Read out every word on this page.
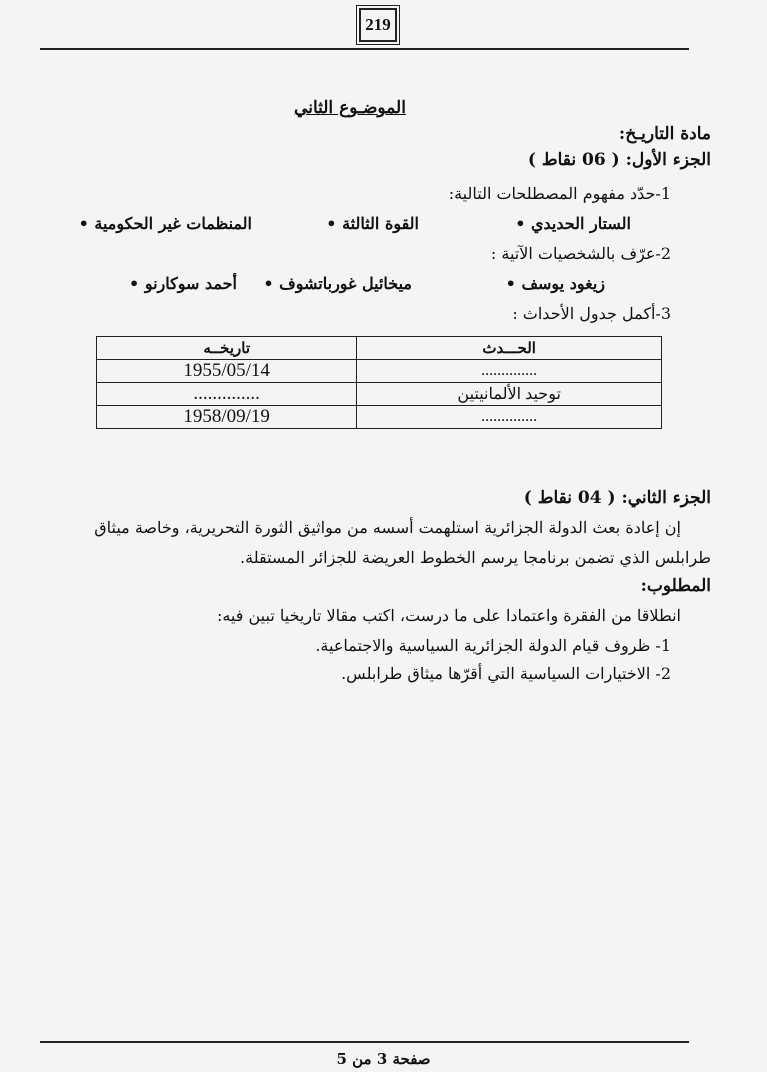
219
الموضـوع الثاني
مادة التاريـخ:
الجزء الأول: ( 06 نقاط )
1-حدّد مفهوم المصطلحات التالية:
الستار الحديدي •
القوة الثالثة •
المنظمات غير الحكومية •
2-عرّف بالشخصيات الآتية :
زيغود يوسف •
ميخائيل غورباتشوف •
أحمد سوكارنو •
3-أكمل جدول الأحداث :
الحـــدث	تاريخــه
..............	1955/05/14
توحيد الألمانيتين	..............
..............	1958/09/19
الجزء الثاني: ( 04 نقاط )
إن إعادة بعث الدولة الجزائرية استلهمت أسسه من مواثيق الثورة التحريرية، وخاصة ميثاق
طرابلس الذي تضمن برنامجا يرسم الخطوط العريضة للجزائر المستقلة.
المطلوب:
انطلاقا من الفقرة واعتمادا على ما درست، اكتب مقالا تاريخيا تبين فيه:
1- ظروف قيام الدولة الجزائرية السياسية والاجتماعية.
2- الاختيارات السياسية التي أقرّها ميثاق طرابلس.
صفحة 3 من 5
